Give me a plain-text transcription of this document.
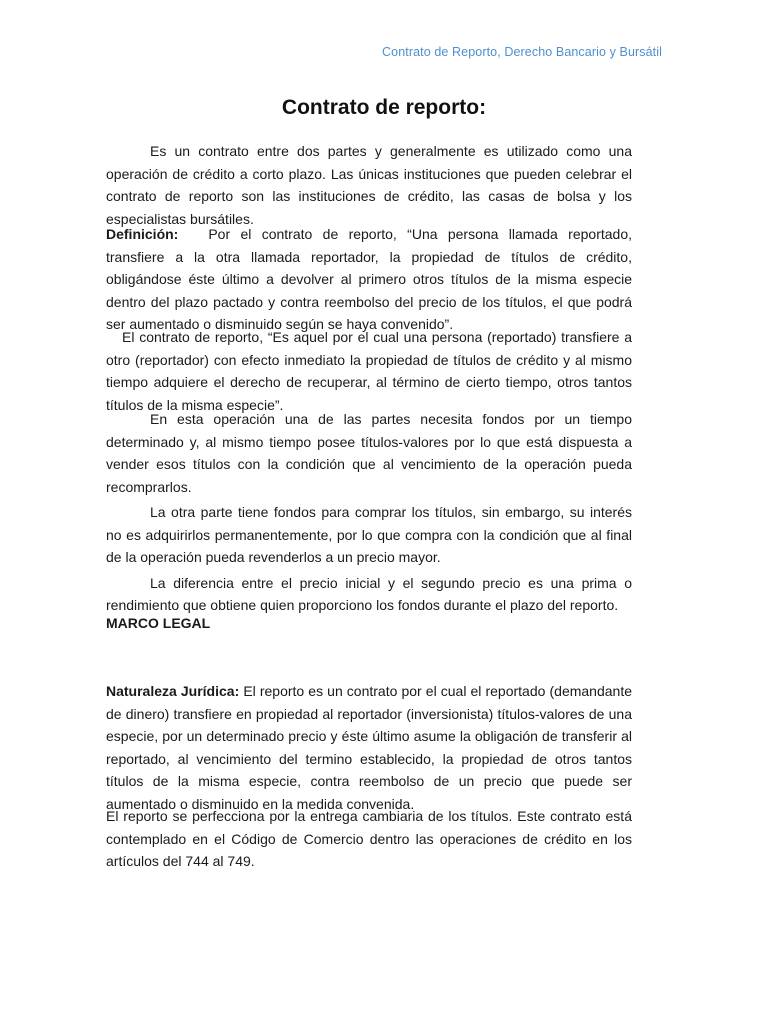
Contrato de Reporto, Derecho Bancario y Bursátil
Contrato de reporto:

Es un contrato entre dos partes y generalmente es utilizado como una operación de crédito a corto plazo. Las únicas instituciones que pueden celebrar el contrato de reporto son las instituciones de crédito, las casas de bolsa y los especialistas bursátiles.

Definición: Por el contrato de reporto, “Una persona llamada reportado, transfiere a la otra llamada reportador, la propiedad de títulos de crédito, obligándose éste último a devolver al primero otros títulos de la misma especie dentro del plazo pactado y contra reembolso del precio de los títulos, el que podrá ser aumentado o disminuido según se haya convenido”.

El contrato de reporto, “Es aquel por el cual una persona (reportado) transfiere a otro (reportador) con efecto inmediato la propiedad de títulos de crédito y al mismo tiempo adquiere el derecho de recuperar, al término de cierto tiempo, otros tantos títulos de la misma especie”.

En esta operación una de las partes necesita fondos por un tiempo determinado y, al mismo tiempo posee títulos-valores por lo que está dispuesta a vender esos títulos con la condición que al vencimiento de la operación pueda recomprarlos.

La otra parte tiene fondos para comprar los títulos, sin embargo, su interés no es adquirirlos permanentemente, por lo que compra con la condición que al final de la operación pueda revenderlos a un precio mayor.

La diferencia entre el precio inicial y el segundo precio es una prima o rendimiento que obtiene quien proporciono los fondos durante el plazo del reporto.

MARCO LEGAL

Naturaleza Jurídica: El reporto es un contrato por el cual el reportado (demandante de dinero) transfiere en propiedad al reportador (inversionista) títulos-valores de una especie, por un determinado precio y éste último asume la obligación de transferir al reportado, al vencimiento del termino establecido, la propiedad de otros tantos títulos de la misma especie, contra reembolso de un precio que puede ser aumentado o disminuido en la medida convenida.

El reporto se perfecciona por la entrega cambiaria de los títulos. Este contrato está contemplado en el Código de Comercio dentro las operaciones de crédito en los artículos del 744 al 749.
